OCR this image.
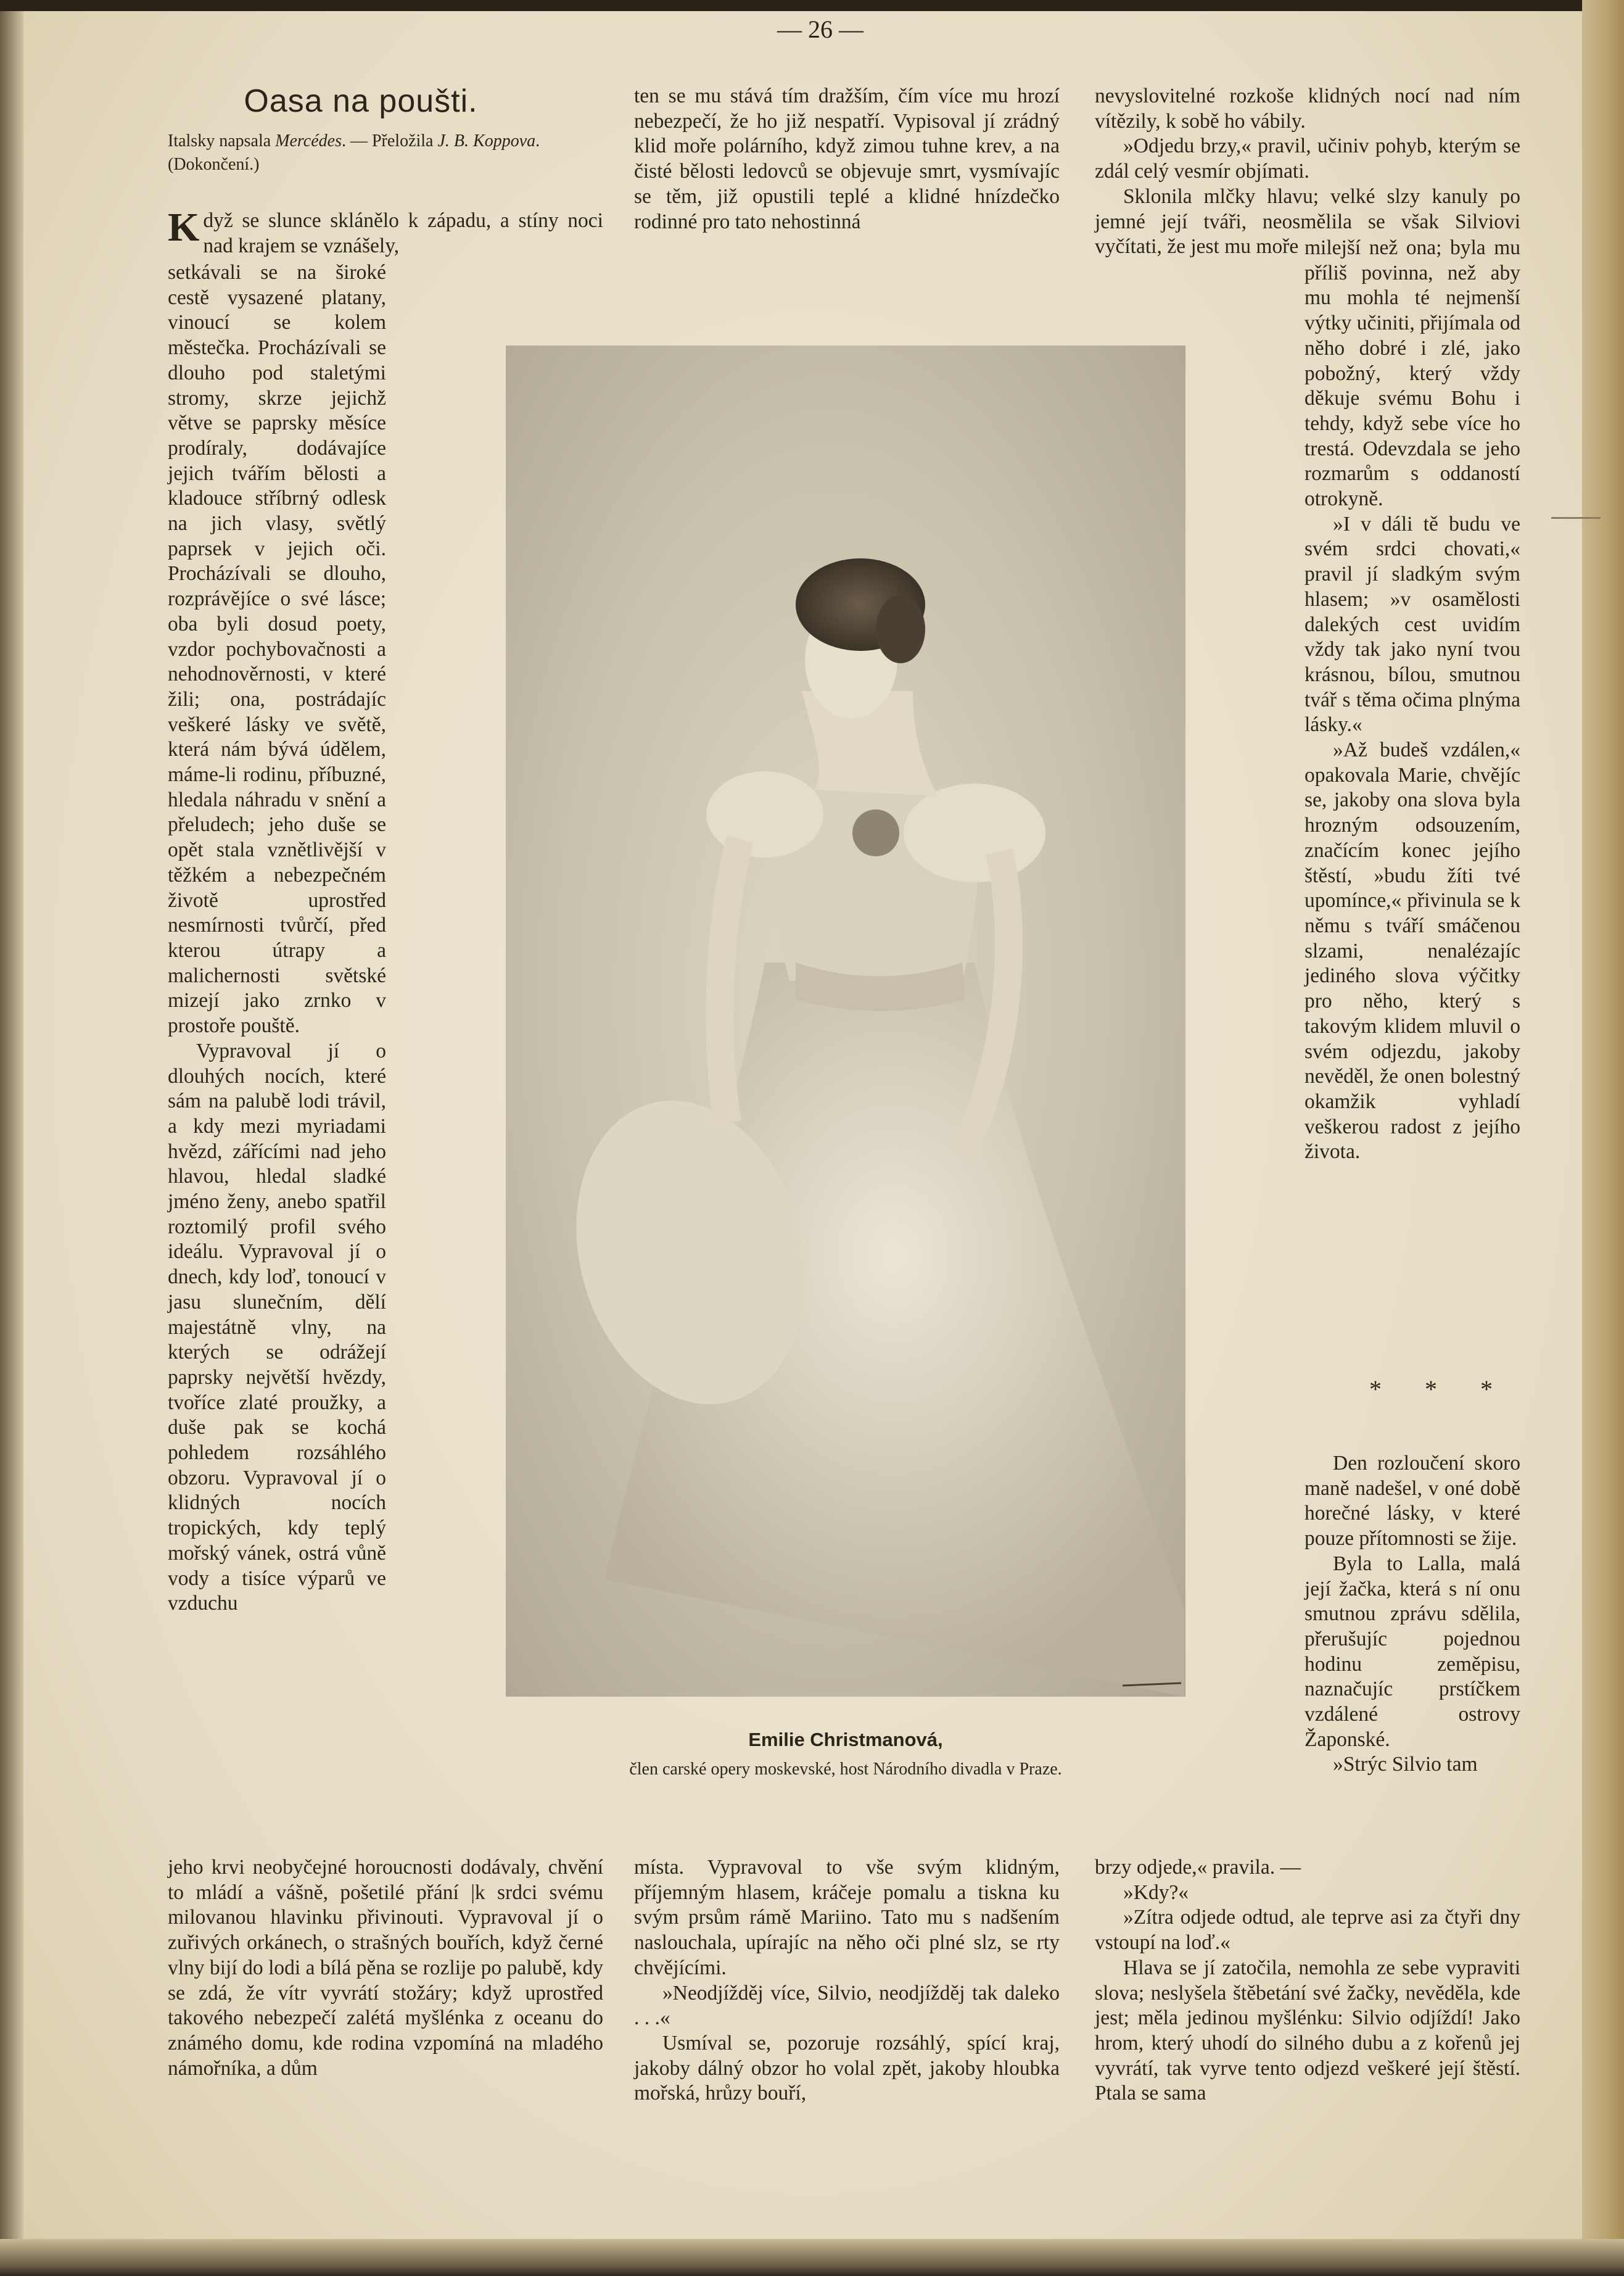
— 26 —
Oasa na poušti.
Italsky napsala Mercédes. — Přeložila J. B. Koppova. (Dokončení.)

Když se slunce sklánělo k západu, a stíny noci nad krajem se vznášely,

setkávali se na široké cestě vysazené platany, vinoucí se kolem městečka. Procházívali se dlouho pod staletými stromy, skrze jejichž větve se paprsky měsíce prodíraly, dodávajíce jejich tvářím bělosti a kladouce stříbrný odlesk na jich vlasy, světlý paprsek v jejich oči. Procházívali se dlouho, rozprávějíce o své lásce; oba byli dosud poety, vzdor pochybovačnosti a nehodnověrnosti, v které žili; ona, postrádajíc veškeré lásky ve světě, která nám bývá údělem, máme-li rodinu, příbuzné, hledala náhradu v snění a přeludech; jeho duše se opět stala vznětlivější v těžkém a nebezpečném životě uprostřed nesmírnosti tvůrčí, před kterou útrapy a malichernosti světské mizejí jako zrnko v prostoře pouště.

Vypravoval jí o dlouhých nocích, které sám na palubě lodi trávil, a kdy mezi myriadami hvězd, zářícími nad jeho hlavou, hledal sladké jméno ženy, anebo spatřil roztomilý profil svého ideálu. Vypravoval jí o dnech, kdy loď, tonoucí v jasu slunečním, dělí majestátně vlny, na kterých se odrážejí paprsky největší hvězdy, tvoříce zlaté proužky, a duše pak se kochá pohledem rozsáhlého obzoru. Vypravoval jí o klidných nocích tropických, kdy teplý mořský vánek, ostrá vůně vody a tisíce výparů ve vzduchu

jeho krvi neobyčejné horoucnosti dodávaly, chvění to mládí a vášně, pošetilé přání |k srdci svému milovanou hlavinku přivinouti. Vypravoval jí o zuřivých orkánech, o strašných bouřích, když černé vlny bijí do lodi a bílá pěna se rozlije po palubě, kdy se zdá, že vítr vyvrátí stožáry; když uprostřed takového nebezpečí zalétá myšlénka z oceanu do známého domu, kde rodina vzpomíná na mladého námořníka, a dům

ten se mu stává tím dražším, čím více mu hrozí nebezpečí, že ho již nespatří. Vypisoval jí zrádný klid moře polárního, když zimou tuhne krev, a na čisté bělosti ledovců se objevuje smrt, vysmívajíc se těm, již opustili teplé a klidné hnízdečko rodinné pro tato nehostinná

místa. Vypravoval to vše svým klidným, příjemným hlasem, kráčeje pomalu a tiskna ku svým prsům rámě Mariino. Tato mu s nadšením naslouchala, upírajíc na něho oči plné slz, se rty chvějícími.

»Neodjížděj více, Silvio, neodjížděj tak daleko . . .«

Usmíval se, pozoruje rozsáhlý, spící kraj, jakoby dálný obzor ho volal zpět, jakoby hloubka mořská, hrůzy bouří,

nevyslovitelné rozkoše klidných nocí nad ním vítězily, k sobě ho vábily.

»Odjedu brzy,« pravil, učiniv pohyb, kterým se zdál celý vesmír objímati.

Sklonila mlčky hlavu; velké slzy kanuly po jemné její tváři, neosmělila se však Silviovi vyčítati, že jest mu moře milejší než ona; byla mu příliš povinna, než aby mu mohla té nejmenší výtky učiniti, přijímala od něho dobré i zlé, jako pobožný, který vždy děkuje svému Bohu i tehdy, když sebe více ho trestá. Odevzdala se jeho rozmarům s oddaností otrokyně.

»I v dáli tě budu ve svém srdci chovati,« pravil jí sladkým svým hlasem; »v osamělosti dalekých cest uvidím vždy tak jako nyní tvou krásnou, bílou, smutnou tvář s těma očima plnýma lásky.«

»Až budeš vzdálen,« opakovala Marie, chvějíc se, jakoby ona slova byla hrozným odsouzením, značícím konec jejího štěstí, »budu žíti tvé upomínce,« přivinula se k němu s tváří smáčenou slzami, nenalézajíc jediného slova výčitky pro něho, který s takovým klidem mluvil o svém odjezdu, jakoby nevěděl, že onen bolestný okamžik vyhladí veškerou radost z jejího života.

* * *

Den rozloučení skoro maně nadešel, v oné době horečné lásky, v které pouze přítomnosti se žije.

Byla to Lalla, malá její žačka, která s ní onu smutnou zprávu sdělila, přerušujíc pojednou hodinu zeměpisu, naznačujíc prstíčkem vzdálené ostrovy Žaponské.

»Strýc Silvio tam

brzy odjede,« pravila. —

»Kdy?«

»Zítra odjede odtud, ale teprve asi za čtyři dny vstoupí na loď.«

Hlava se jí zatočila, nemohla ze sebe vypraviti slova; neslyšela štěbetání své žačky, nevěděla, kde jest; měla jedinou myšlénku: Silvio odjíždí! Jako hrom, který uhodí do silného dubu a z kořenů jej vyvrátí, tak vyrve tento odjezd veškeré její štěstí. Ptala se sama

Emilie Christmanová,
člen carské opery moskevské, host Národního divadla v Praze.
